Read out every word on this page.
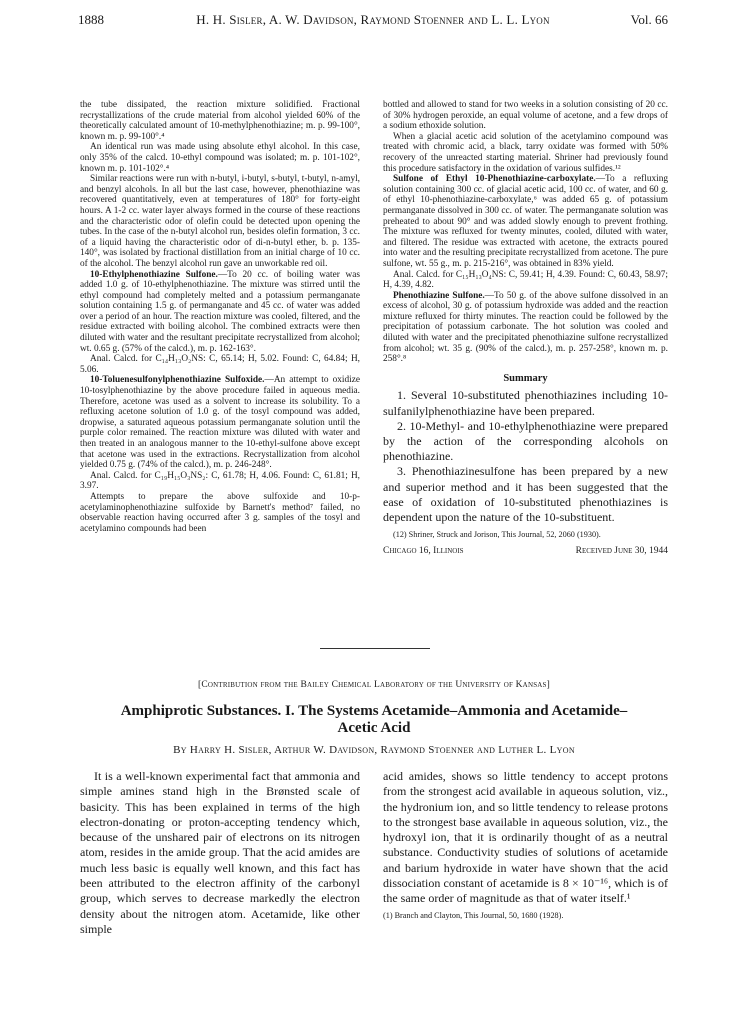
1888	H. H. Sisler, A. W. Davidson, Raymond Stoenner and L. L. Lyon	Vol. 66

the tube dissipated, the reaction mixture solidified. Fractional recrystallizations of the crude material from alcohol yielded 60% of the theoretically calculated amount of 10-methylphenothiazine; m. p. 99-100°, known m. p. 99-100°.⁴

An identical run was made using absolute ethyl alcohol. In this case, only 35% of the calcd. 10-ethyl compound was isolated; m. p. 101-102°, known m. p. 101-102°.⁴

Similar reactions were run with n-butyl, i-butyl, s-butyl, t-butyl, n-amyl, and benzyl alcohols. In all but the last case, however, phenothiazine was recovered quantitatively, even at temperatures of 180° for forty-eight hours. A 1-2 cc. water layer always formed in the course of these reactions and the characteristic odor of olefin could be detected upon opening the tubes. In the case of the n-butyl alcohol run, besides olefin formation, 3 cc. of a liquid having the characteristic odor of di-n-butyl ether, b. p. 135-140°, was isolated by fractional distillation from an initial charge of 10 cc. of the alcohol. The benzyl alcohol run gave an unworkable red oil.

10-Ethylphenothiazine Sulfone.—To 20 cc. of boiling water was added 1.0 g. of 10-ethylphenothiazine. The mixture was stirred until the ethyl compound had completely melted and a potassium permanganate solution containing 1.5 g. of permanganate and 45 cc. of water was added over a period of an hour. The reaction mixture was cooled, filtered, and the residue extracted with boiling alcohol. The combined extracts were then diluted with water and the resultant precipitate recrystallized from alcohol; wt. 0.65 g. (57% of the calcd.), m. p. 162-163°.

Anal. Calcd. for C₁₄H₁₃O₂NS: C, 65.14; H, 5.02. Found: C, 64.84; H, 5.06.

10-Toluenesulfonylphenothiazine Sulfoxide.—An attempt to oxidize 10-tosylphenothiazine by the above procedure failed in aqueous media. Therefore, acetone was used as a solvent to increase its solubility. To a refluxing acetone solution of 1.0 g. of the tosyl compound was added, dropwise, a saturated aqueous potassium permanganate solution until the purple color remained. The reaction mixture was diluted with water and then treated in an analogous manner to the 10-ethyl-sulfone above except that acetone was used in the extractions. Recrystallization from alcohol yielded 0.75 g. (74% of the calcd.), m. p. 246-248°.

Anal. Calcd. for C₁₉H₁₅O₃NS₂: C, 61.78; H, 4.06. Found: C, 61.81; H, 3.97.

Attempts to prepare the above sulfoxide and 10-p-acetylaminophenothiazine sulfoxide by Barnett's method⁷ failed, no observable reaction having occurred after 3 g. samples of the tosyl and acetylamino compounds had been

bottled and allowed to stand for two weeks in a solution consisting of 20 cc. of 30% hydrogen peroxide, an equal volume of acetone, and a few drops of a sodium ethoxide solution.

When a glacial acetic acid solution of the acetylamino compound was treated with chromic acid, a black, tarry oxidate was formed with 50% recovery of the unreacted starting material. Shriner had previously found this procedure satisfactory in the oxidation of various sulfides.¹²

Sulfone of Ethyl 10-Phenothiazine-carboxylate.—To a refluxing solution containing 300 cc. of glacial acetic acid, 100 cc. of water, and 60 g. of ethyl 10-phenothiazine-carboxylate,⁶ was added 65 g. of potassium permanganate dissolved in 300 cc. of water. The permanganate solution was preheated to about 90° and was added slowly enough to prevent frothing. The mixture was refluxed for twenty minutes, cooled, diluted with water, and filtered. The residue was extracted with acetone, the extracts poured into water and the resulting precipitate recrystallized from acetone. The pure sulfone, wt. 55 g., m. p. 215-216°, was obtained in 83% yield.

Anal. Calcd. for C₁₅H₁₃O₄NS: C, 59.41; H, 4.39. Found: C, 60.43, 58.97; H, 4.39, 4.82.

Phenothiazine Sulfone.—To 50 g. of the above sulfone dissolved in an excess of alcohol, 30 g. of potassium hydroxide was added and the reaction mixture refluxed for thirty minutes. The reaction could be followed by the precipitation of potassium carbonate. The hot solution was cooled and diluted with water and the precipitated phenothiazine sulfone recrystallized from alcohol; wt. 35 g. (90% of the calcd.), m. p. 257-258°, known m. p. 258°.⁸

Summary

1. Several 10-substituted phenothiazines including 10-sulfanilylphenothiazine have been prepared.

2. 10-Methyl- and 10-ethylphenothiazine were prepared by the action of the corresponding alcohols on phenothiazine.

3. Phenothiazinesulfone has been prepared by a new and superior method and it has been suggested that the ease of oxidation of 10-substituted phenothiazines is dependent upon the nature of the 10-substituent.

(12) Shriner, Struck and Jorison, This Journal, 52, 2060 (1930).
Chicago 16, Illinois	Received June 30, 1944
[Contribution from the Bailey Chemical Laboratory of the University of Kansas]
Amphiprotic Substances. I. The Systems Acetamide–Ammonia and Acetamide–
Acetic Acid
By Harry H. Sisler, Arthur W. Davidson, Raymond Stoenner and Luther L. Lyon

It is a well-known experimental fact that ammonia and simple amines stand high in the Brønsted scale of basicity. This has been explained in terms of the high electron-donating or proton-accepting tendency which, because of the unshared pair of electrons on its nitrogen atom, resides in the amide group. That the acid amides are much less basic is equally well known, and this fact has been attributed to the electron affinity of the carbonyl group, which serves to decrease markedly the electron density about the nitrogen atom. Acetamide, like other simple

acid amides, shows so little tendency to accept protons from the strongest acid available in aqueous solution, viz., the hydronium ion, and so little tendency to release protons to the strongest base available in aqueous solution, viz., the hydroxyl ion, that it is ordinarily thought of as a neutral substance. Conductivity studies of solutions of acetamide and barium hydroxide in water have shown that the acid dissociation constant of acetamide is 8 × 10⁻¹⁶, which is of the same order of magnitude as that of water itself.¹

(1) Branch and Clayton, This Journal, 50, 1680 (1928).
